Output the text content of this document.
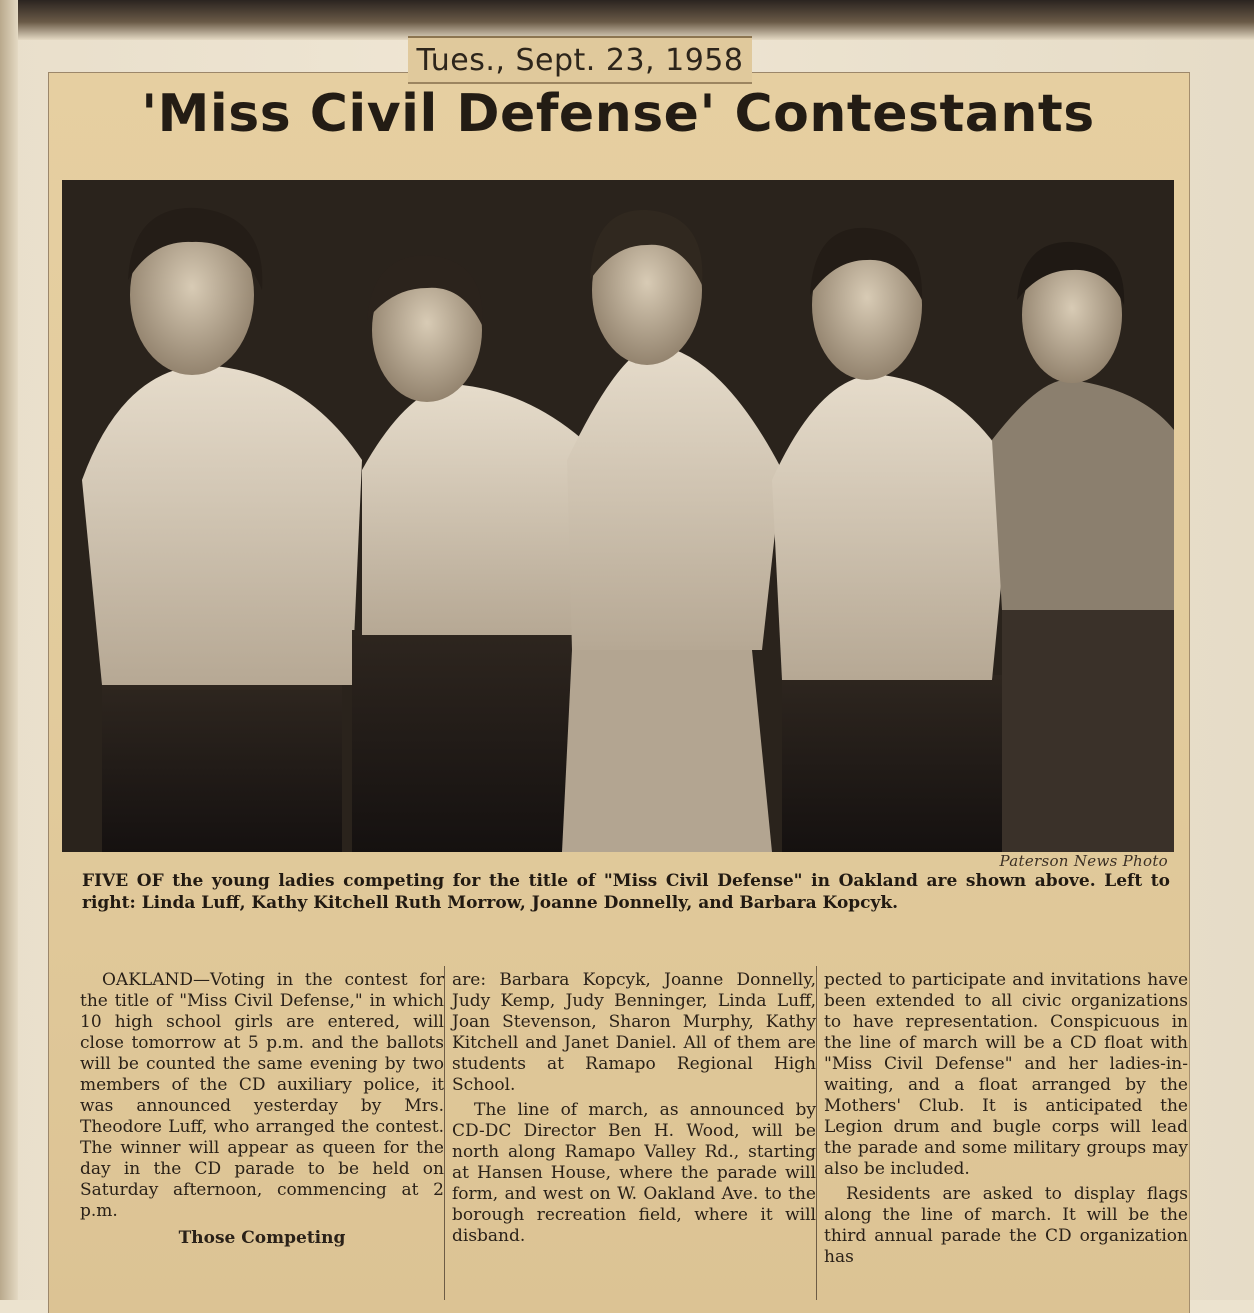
Tues., Sept. 23, 1958
'Miss Civil Defense' Contestants
Paterson News Photo

FIVE OF the young ladies competing for the title of "Miss Civil Defense" in Oakland are shown above. Left to right: Linda Luff, Kathy Kitchell Ruth Morrow, Joanne Donnelly, and Barbara Kopcyk.

OAKLAND—Voting in the contest for the title of "Miss Civil Defense," in which 10 high school girls are entered, will close tomorrow at 5 p.m. and the ballots will be counted the same evening by two members of the CD auxiliary police, it was announced yesterday by Mrs. Theodore Luff, who arranged the contest. The winner will appear as queen for the day in the CD parade to be held on Saturday afternoon, commencing at 2 p.m.

Those Competing

are: Barbara Kopcyk, Joanne Donnelly, Judy Kemp, Judy Benninger, Linda Luff, Joan Stevenson, Sharon Murphy, Kathy Kitchell and Janet Daniel. All of them are students at Ramapo Regional High School.

The line of march, as announced by CD-DC Director Ben H. Wood, will be north along Ramapo Valley Rd., starting at Hansen House, where the parade will form, and west on W. Oakland Ave. to the borough recreation field, where it will disband.

pected to participate and invitations have been extended to all civic organizations to have representation. Conspicuous in the line of march will be a CD float with "Miss Civil Defense" and her ladies-in-waiting, and a float arranged by the Mothers' Club. It is anticipated the Legion drum and bugle corps will lead the parade and some military groups may also be included.

Residents are asked to display flags along the line of march. It will be the third annual parade the CD organization has
